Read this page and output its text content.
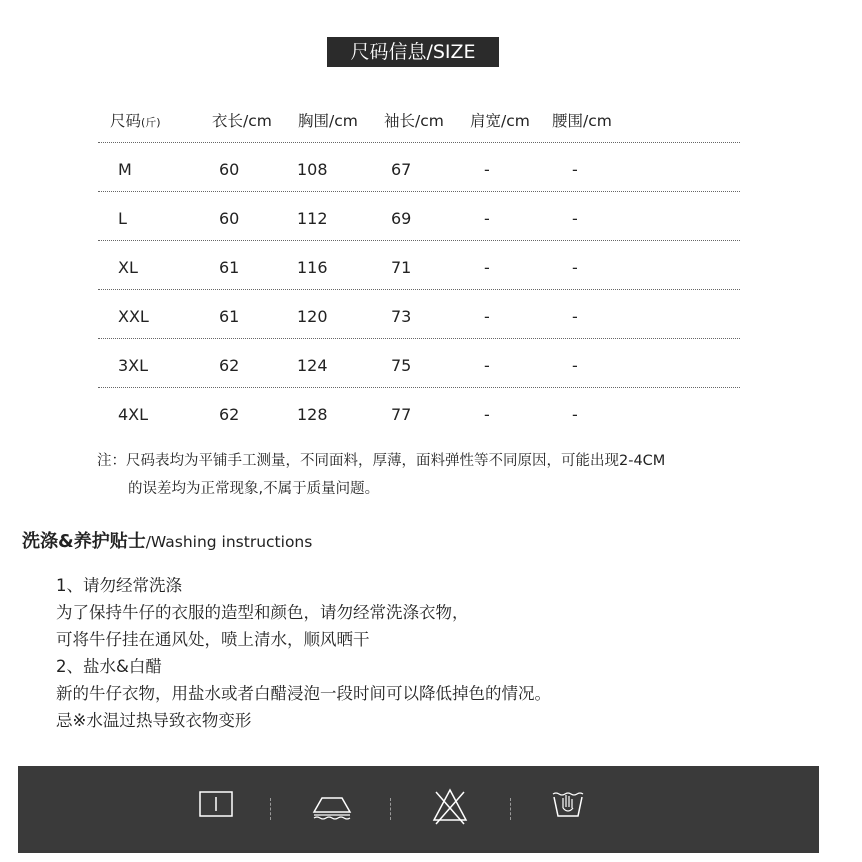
尺码信息/SIZE
尺码(斤)	衣长/cm 胸围/cm 袖长/cm 肩宽/cm 腰围/cm
M	60	108	67	-	-
L	60	112	69	-	-
XL	61	116	71	-	-
XXL	61	120	73	-	-
3XL	62	124	75	-	-
4XL	62	128	77	-	-
注：尺码表均为平铺手工测量，不同面料，厚薄，面料弹性等不同原因，可能出现2-4CM
的误差均为正常现象,不属于质量问题。
洗涤&养护贴士/Washing instructions
1、请勿经常洗涤
为了保持牛仔的衣服的造型和颜色，请勿经常洗涤衣物，
可将牛仔挂在通风处，喷上清水，顺风晒干
2、盐水&白醋
新的牛仔衣物，用盐水或者白醋浸泡一段时间可以降低掉色的情况。
忌※水温过热导致衣物变形
